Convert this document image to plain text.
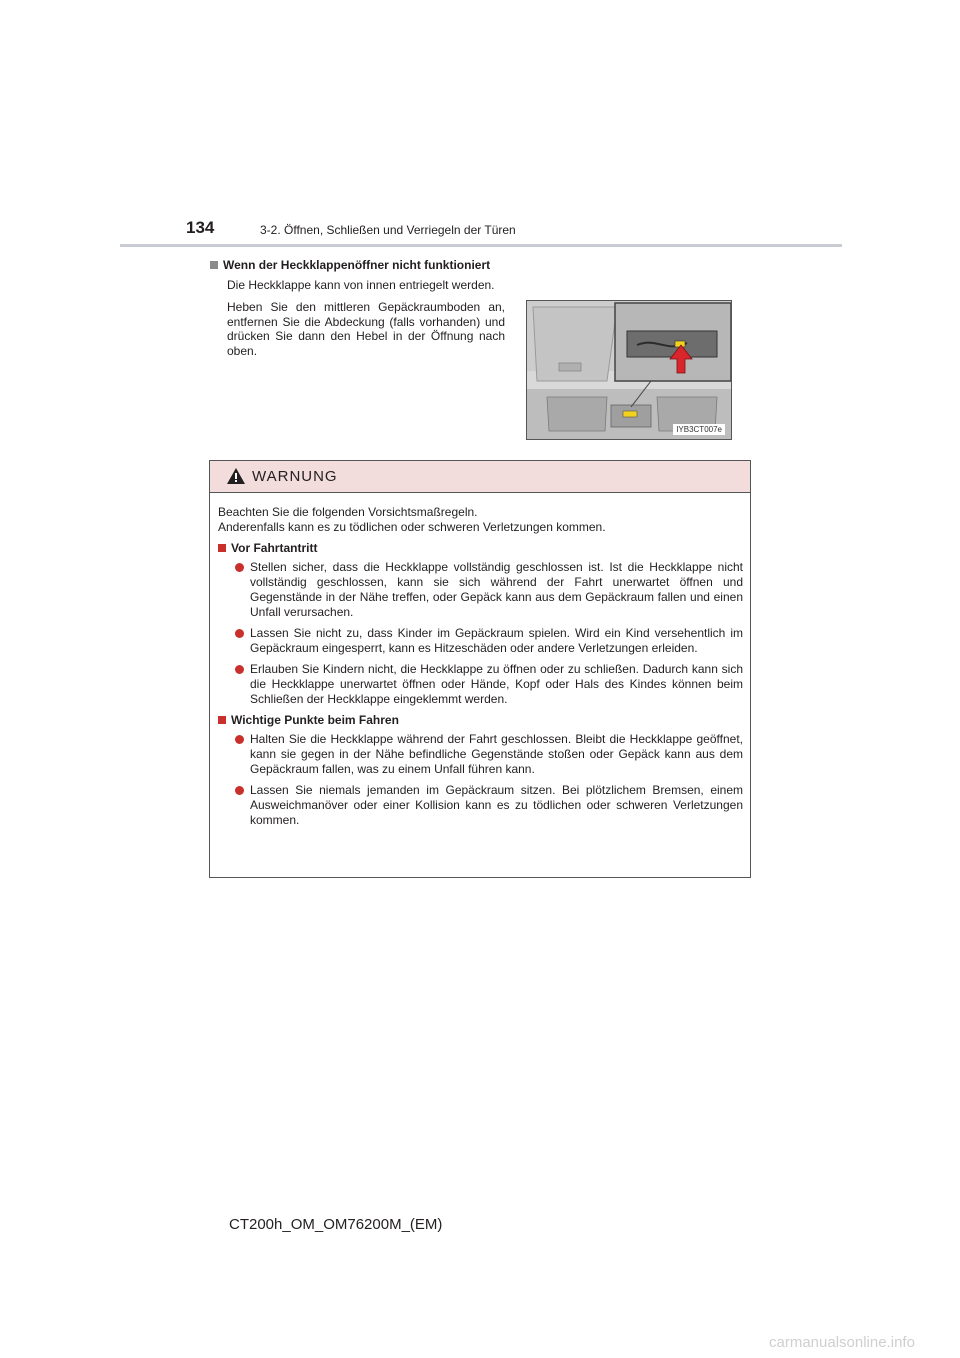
134	3-2. Öffnen, Schließen und Verriegeln der Türen
Wenn der Heckklappenöffner nicht funktioniert
Die Heckklappe kann von innen entriegelt werden.
Heben Sie den mittleren Gepäckraumboden an, entfernen Sie die Abdeckung (falls vorhanden) und drücken Sie dann den Hebel in der Öffnung nach oben.
IYB3CT007e
WARNUNG
Beachten Sie die folgenden Vorsichtsmaßregeln.
Anderenfalls kann es zu tödlichen oder schweren Verletzungen kommen.
Vor Fahrtantritt
Stellen sicher, dass die Heckklappe vollständig geschlossen ist. Ist die Heckklappe nicht vollständig geschlossen, kann sie sich während der Fahrt unerwartet öffnen und Gegenstände in der Nähe treffen, oder Gepäck kann aus dem Gepäckraum fallen und einen Unfall verursachen.
Lassen Sie nicht zu, dass Kinder im Gepäckraum spielen. Wird ein Kind versehentlich im Gepäckraum eingesperrt, kann es Hitzeschäden oder andere Verletzungen erleiden.
Erlauben Sie Kindern nicht, die Heckklappe zu öffnen oder zu schließen. Dadurch kann sich die Heckklappe unerwartet öffnen oder Hände, Kopf oder Hals des Kindes können beim Schließen der Heckklappe eingeklemmt werden.
Wichtige Punkte beim Fahren
Halten Sie die Heckklappe während der Fahrt geschlossen. Bleibt die Heckklappe geöffnet, kann sie gegen in der Nähe befindliche Gegenstände stoßen oder Gepäck kann aus dem Gepäckraum fallen, was zu einem Unfall führen kann.
Lassen Sie niemals jemanden im Gepäckraum sitzen. Bei plötzlichem Bremsen, einem Ausweichmanöver oder einer Kollision kann es zu tödlichen oder schweren Verletzungen kommen.
CT200h_OM_OM76200M_(EM)
carmanualsonline.info
